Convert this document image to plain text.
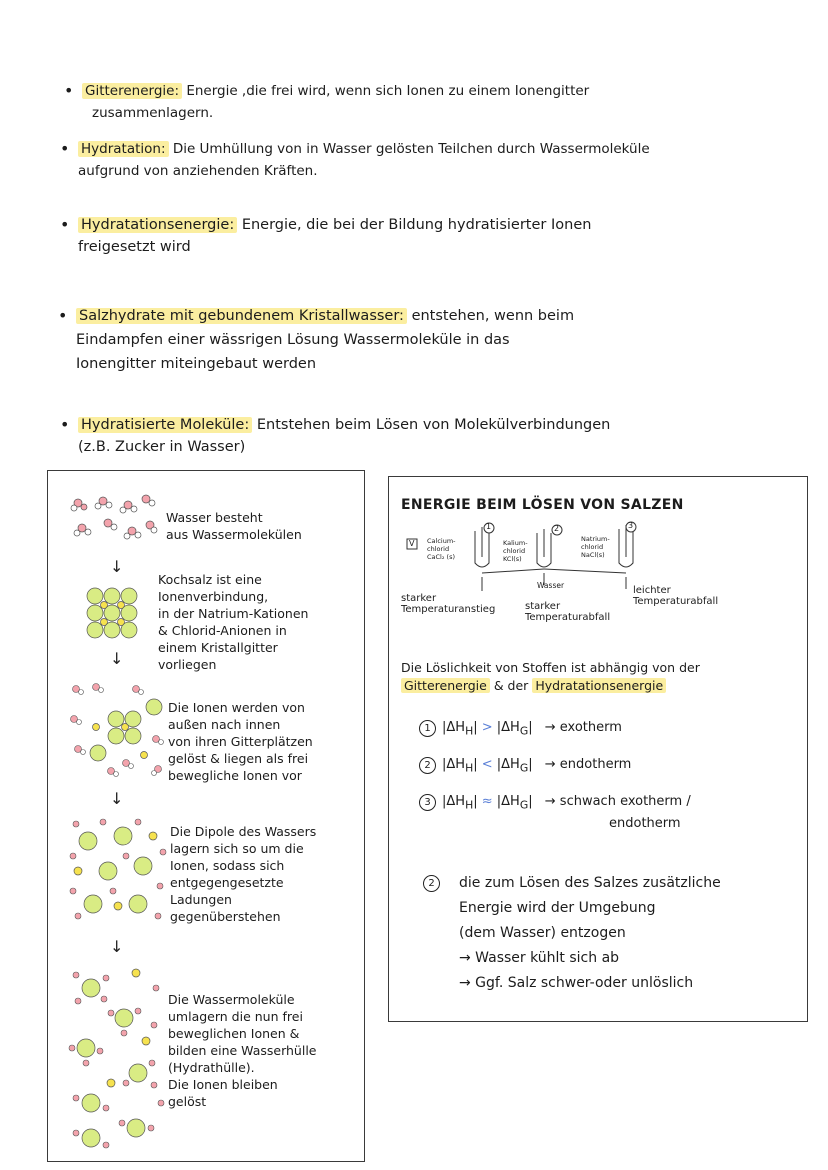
• Gitterenergie: Energie ,die frei wird, wenn sich Ionen zu einem Ionengitter
zusammenlagern.
• Hydratation: Die Umhüllung von in Wasser gelösten Teilchen durch Wassermoleküle
aufgrund von anziehenden Kräften.
• Hydratationsenergie: Energie, die bei der Bildung hydratisierter Ionen
freigesetzt wird
• Salzhydrate mit gebundenem Kristallwasser: entstehen, wenn beim
Eindampfen einer wässrigen Lösung Wassermoleküle in das
Ionengitter miteingebaut werden
• Hydratisierte Moleküle: Entstehen beim Lösen von Molekülverbindungen
(z.B. Zucker in Wasser)
Wasser besteht
aus Wassermolekülen
↓
Kochsalz ist eine
Ionenverbindung,
in der Natrium-Kationen
& Chlorid-Anionen in
einem Kristallgitter
vorliegen
↓
Die Ionen werden von
außen nach innen
von ihren Gitterplätzen
gelöst & liegen als frei
bewegliche Ionen vor
↓
Die Dipole des Wassers
lagern sich so um die
Ionen, sodass sich
entgegengesetzte
Ladungen
gegenüberstehen
↓
Die Wassermoleküle
umlagern die nun frei
beweglichen Ionen &
bilden eine Wasserhülle
(Hydrathülle).
Die Ionen bleiben
gelöst
ENERGIE BEIM LÖSEN VON SALZEN
1	2	3
V Calcium-
chlorid
CaCl₂ (s)
Kalium-
chlorid
KCl(s)
Natrium-
chlorid
NaCl(s)
Wasser
starker
Temperaturanstieg	starker
Temperaturabfall
leichter
Temperaturabfall
Die Löslichkeit von Stoffen ist abhängig von der
Gitterenergie & der Hydratationsenergie
1 $|\Delta H_H| > |\Delta H_G|$ → exotherm
2 $|\Delta H_H| < |\Delta H_G|$ → endotherm
3 $|\Delta H_H| \approx |\Delta H_G|$ → schwach exotherm /
endotherm
2	die zum Lösen des Salzes zusätzliche
Energie wird der Umgebung
(dem Wasser) entzogen
→ Wasser kühlt sich ab
→ Ggf. Salz schwer-oder unlöslich
